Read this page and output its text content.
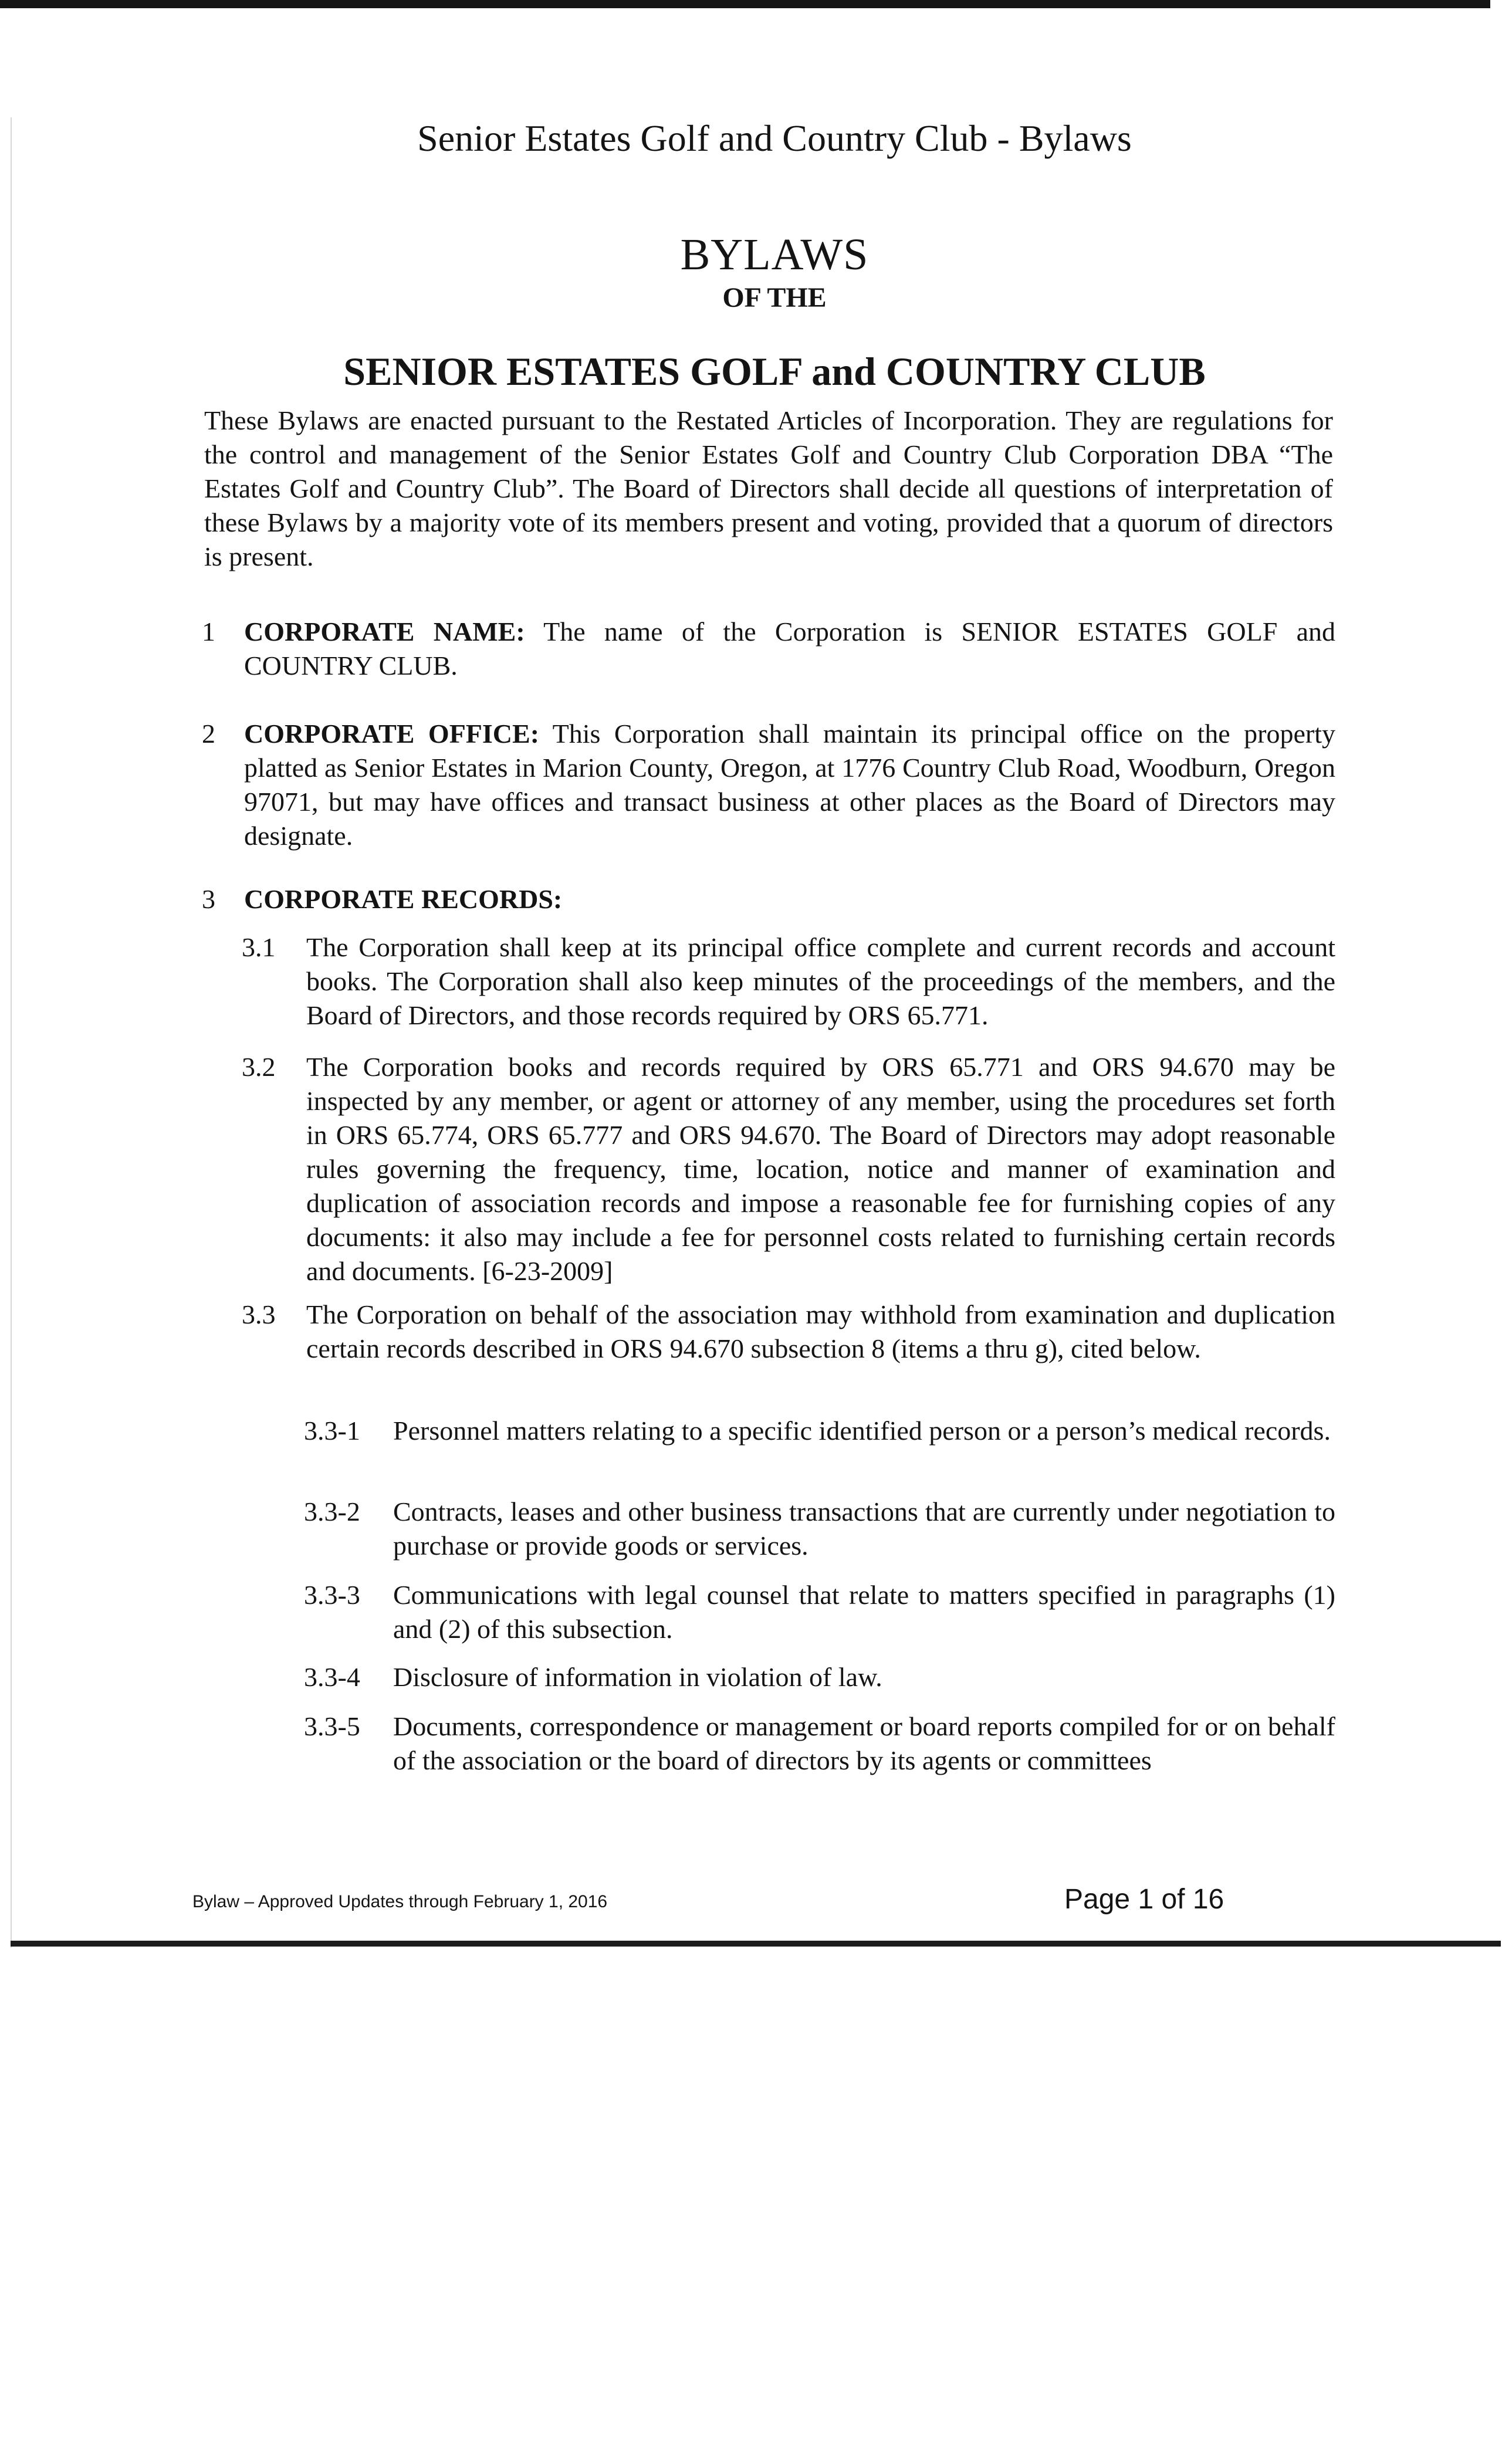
Senior Estates Golf and Country Club - Bylaws
BYLAWS
OF THE
SENIOR ESTATES GOLF and COUNTRY CLUB
These Bylaws are enacted pursuant to the Restated Articles of Incorporation. They are regulations for the control and management of the Senior Estates Golf and Country Club Corporation DBA “The Estates Golf and Country Club”. The Board of Directors shall decide all questions of interpretation of these Bylaws by a majority vote of its members present and voting, provided that a quorum of directors is present.
1 CORPORATE NAME: The name of the Corporation is SENIOR ESTATES GOLF and COUNTRY CLUB.
2 CORPORATE OFFICE: This Corporation shall maintain its principal office on the property platted as Senior Estates in Marion County, Oregon, at 1776 Country Club Road, Woodburn, Oregon 97071, but may have offices and transact business at other places as the Board of Directors may designate.
3 CORPORATE RECORDS:
3.1 The Corporation shall keep at its principal office complete and current records and account books. The Corporation shall also keep minutes of the proceedings of the members, and the Board of Directors, and those records required by ORS 65.771.
3.2 The Corporation books and records required by ORS 65.771 and ORS 94.670 may be inspected by any member, or agent or attorney of any member, using the procedures set forth in ORS 65.774, ORS 65.777 and ORS 94.670. The Board of Directors may adopt reasonable rules governing the frequency, time, location, notice and manner of examination and duplication of association records and impose a reasonable fee for furnishing copies of any documents: it also may include a fee for personnel costs related to furnishing certain records and documents. [6-23-2009]
3.3 The Corporation on behalf of the association may withhold from examination and duplication certain records described in ORS 94.670 subsection 8 (items a thru g), cited below.
3.3-1 Personnel matters relating to a specific identified person or a person’s medical records.
3.3-2 Contracts, leases and other business transactions that are currently under negotiation to purchase or provide goods or services.
3.3-3 Communications with legal counsel that relate to matters specified in paragraphs (1) and (2) of this subsection.
3.3-4 Disclosure of information in violation of law.
3.3-5 Documents, correspondence or management or board reports compiled for or on behalf of the association or the board of directors by its agents or committees
Bylaw – Approved Updates through February 1, 2016	Page 1 of 16
